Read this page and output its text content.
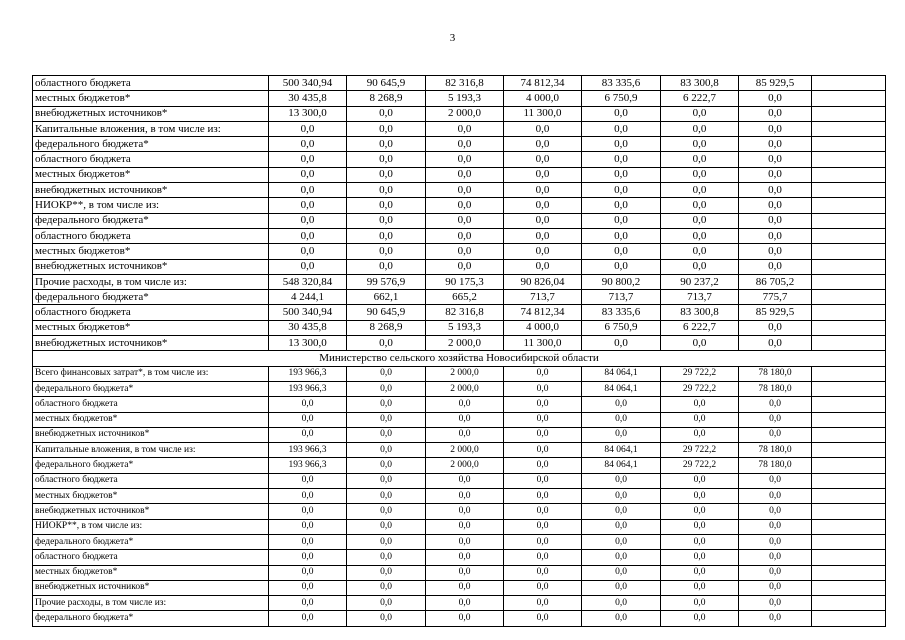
3
областного бюджета	500 340,94	90 645,9	82 316,8	74 812,34	83 335,6	83 300,8	85 929,5	
местных бюджетов*	30 435,8	8 268,9	5 193,3	4 000,0	6 750,9	6 222,7	0,0	
внебюджетных источников*	13 300,0	0,0	2 000,0	11 300,0	0,0	0,0	0,0	
Капитальные вложения, в том числе из:	0,0	0,0	0,0	0,0	0,0	0,0	0,0	
федерального бюджета*	0,0	0,0	0,0	0,0	0,0	0,0	0,0	
областного бюджета	0,0	0,0	0,0	0,0	0,0	0,0	0,0	
местных бюджетов*	0,0	0,0	0,0	0,0	0,0	0,0	0,0	
внебюджетных источников*	0,0	0,0	0,0	0,0	0,0	0,0	0,0	
НИОКР**, в том числе из:	0,0	0,0	0,0	0,0	0,0	0,0	0,0	
федерального бюджета*	0,0	0,0	0,0	0,0	0,0	0,0	0,0	
областного бюджета	0,0	0,0	0,0	0,0	0,0	0,0	0,0	
местных бюджетов*	0,0	0,0	0,0	0,0	0,0	0,0	0,0	
внебюджетных источников*	0,0	0,0	0,0	0,0	0,0	0,0	0,0	
Прочие расходы, в том числе из:	548 320,84	99 576,9	90 175,3	90 826,04	90 800,2	90 237,2	86 705,2	
федерального бюджета*	4 244,1	662,1	665,2	713,7	713,7	713,7	775,7	
областного бюджета	500 340,94	90 645,9	82 316,8	74 812,34	83 335,6	83 300,8	85 929,5	
местных бюджетов*	30 435,8	8 268,9	5 193,3	4 000,0	6 750,9	6 222,7	0,0	
внебюджетных источников*	13 300,0	0,0	2 000,0	11 300,0	0,0	0,0	0,0	
Министерство сельского хозяйства Новосибирской области								
Всего финансовых затрат*, в том числе из:	193 966,3	0,0	2 000,0	0,0	84 064,1	29 722,2	78 180,0	
федерального бюджета*	193 966,3	0,0	2 000,0	0,0	84 064,1	29 722,2	78 180,0	
областного бюджета	0,0	0,0	0,0	0,0	0,0	0,0	0,0	
местных бюджетов*	0,0	0,0	0,0	0,0	0,0	0,0	0,0	
внебюджетных источников*	0,0	0,0	0,0	0,0	0,0	0,0	0,0	
Капитальные вложения, в том числе из:	193 966,3	0,0	2 000,0	0,0	84 064,1	29 722,2	78 180,0	
федерального бюджета*	193 966,3	0,0	2 000,0	0,0	84 064,1	29 722,2	78 180,0	
областного бюджета	0,0	0,0	0,0	0,0	0,0	0,0	0,0	
местных бюджетов*	0,0	0,0	0,0	0,0	0,0	0,0	0,0	
внебюджетных источников*	0,0	0,0	0,0	0,0	0,0	0,0	0,0	
НИОКР**, в том числе из:	0,0	0,0	0,0	0,0	0,0	0,0	0,0	
федерального бюджета*	0,0	0,0	0,0	0,0	0,0	0,0	0,0	
областного бюджета	0,0	0,0	0,0	0,0	0,0	0,0	0,0	
местных бюджетов*	0,0	0,0	0,0	0,0	0,0	0,0	0,0	
внебюджетных источников*	0,0	0,0	0,0	0,0	0,0	0,0	0,0	
Прочие расходы, в том числе из:	0,0	0,0	0,0	0,0	0,0	0,0	0,0	
федерального бюджета*	0,0	0,0	0,0	0,0	0,0	0,0	0,0	
